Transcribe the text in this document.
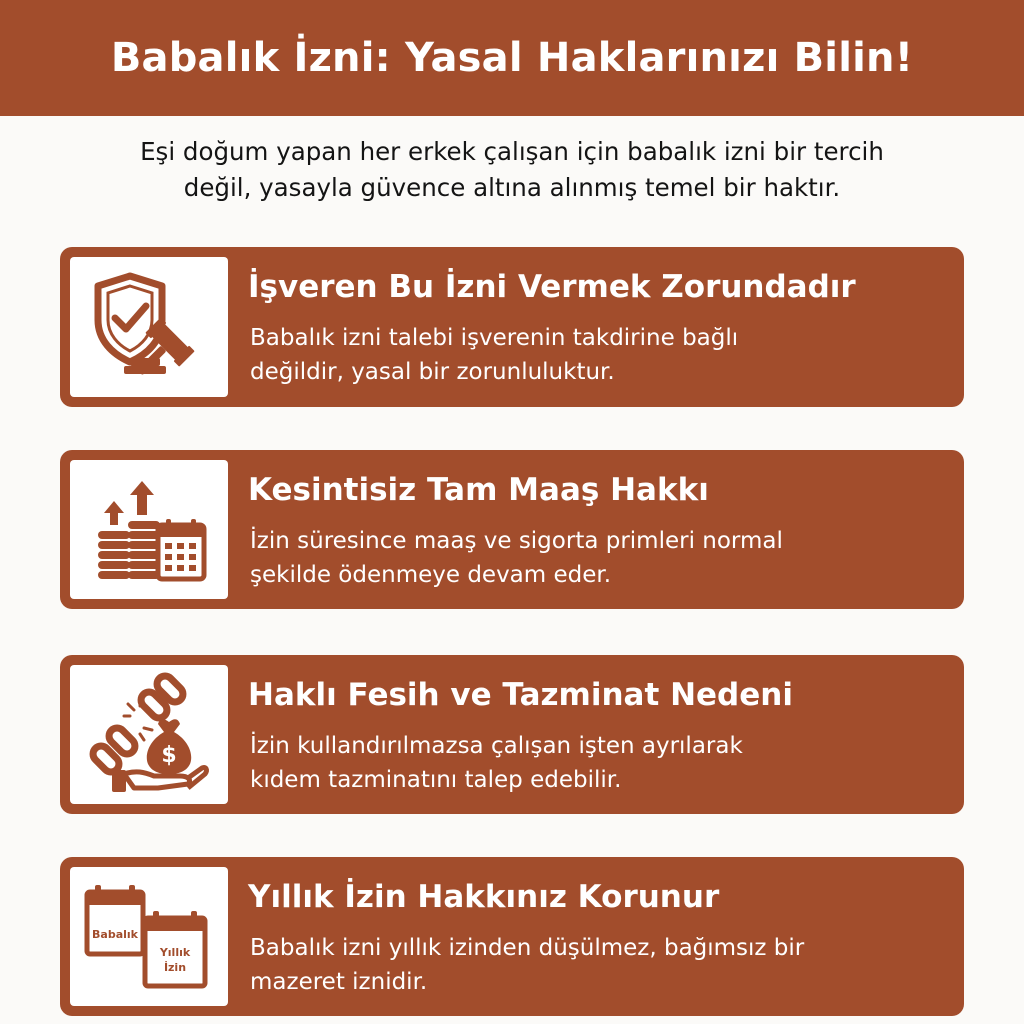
Babalık İzni: Yasal Haklarınızı Bilin!

Eşi doğum yapan her erkek çalışan için babalık izni bir tercih
değil, yasayla güvence altına alınmış temel bir haktır.

İşveren Bu İzni Vermek Zorundadır

Babalık izni talebi işverenin takdirine bağlı
değildir, yasal bir zorunluluktur.

Kesintisiz Tam Maaş Hakkı

İzin süresince maaş ve sigorta primleri normal
şekilde ödenmeye devam eder.

$
Haklı Fesih ve Tazminat Nedeni

İzin kullandırılmazsa çalışan işten ayrılarak
kıdem tazminatını talep edebilir.

Babalık
Yıllık
İzin
Yıllık İzin Hakkınız Korunur

Babalık izni yıllık izinden düşülmez, bağımsız bir
mazeret iznidir.
